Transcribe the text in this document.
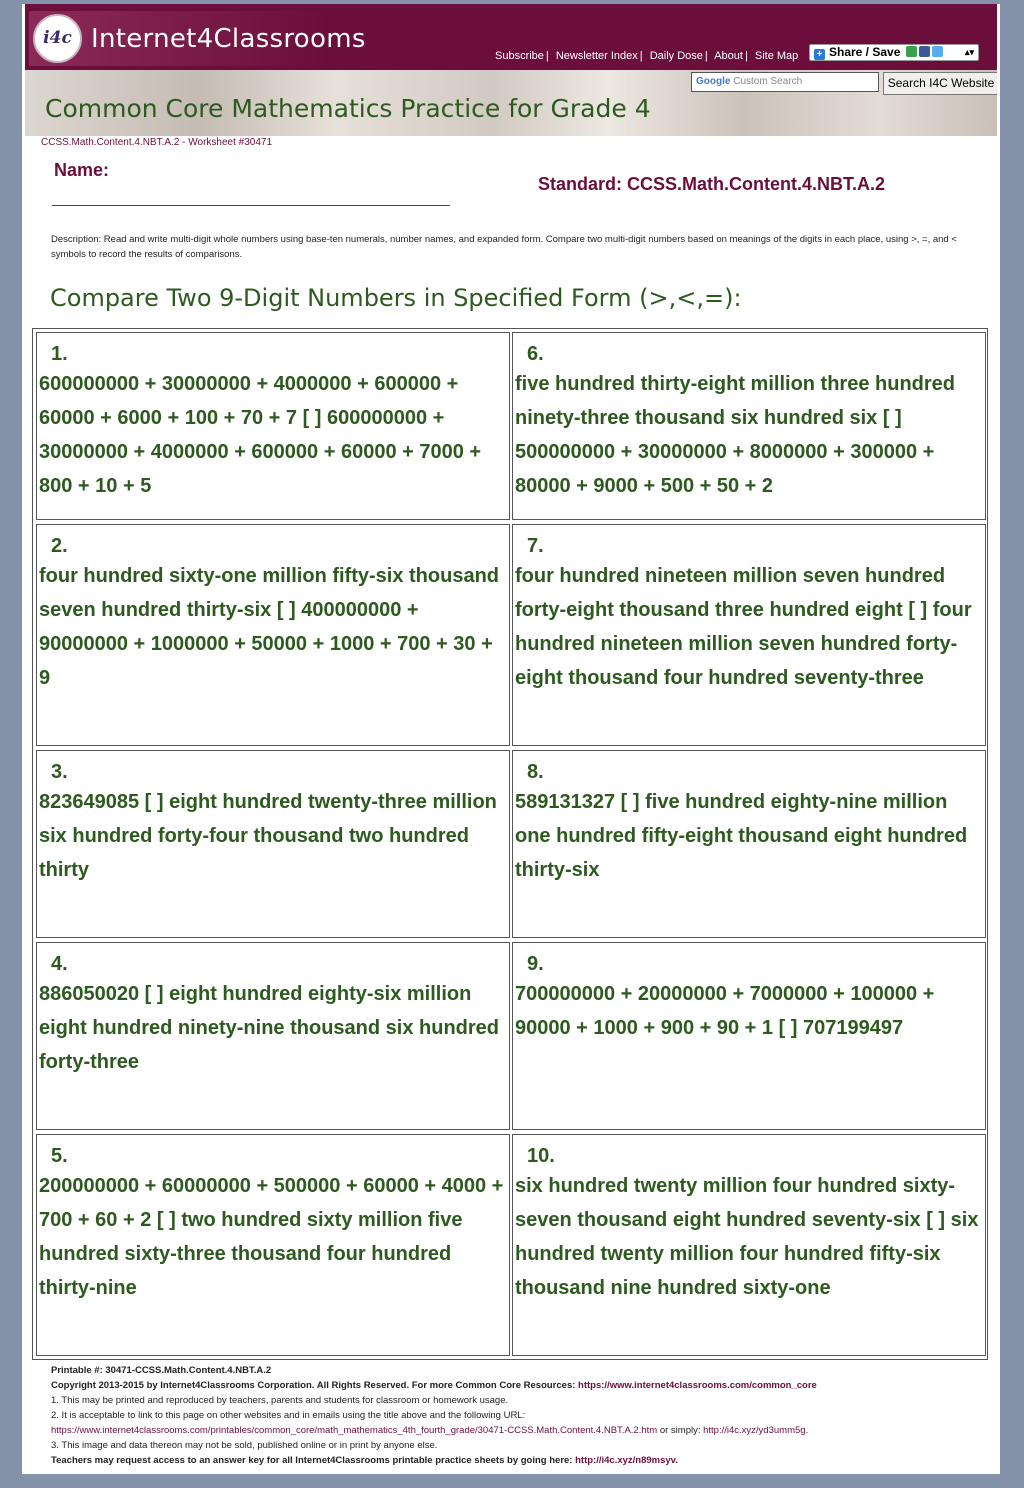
i4c Internet4Classrooms
Subscribe | Newsletter Index | Daily Dose | About | Site Map	+ Share / Save	▴▾
Google Custom Search	Search I4C Website
Common Core Mathematics Practice for Grade 4
CCSS.Math.Content.4.NBT.A.2 - Worksheet #30471
Name:
Standard: CCSS.Math.Content.4.NBT.A.2
Description: Read and write multi-digit whole numbers using base-ten numerals, number names, and expanded form. Compare two multi-digit numbers based on meanings of the digits in each place, using >, =, and < symbols to record the results of comparisons.
Compare Two 9-Digit Numbers in Specified Form (>,<,=):
1.
600000000 + 30000000 + 4000000 + 600000 + 60000 + 6000 + 100 + 70 + 7 [ ] 600000000 + 30000000 + 4000000 + 600000 + 60000 + 7000 + 800 + 10 + 5
6.
five hundred thirty-eight million three hundred ninety-three thousand six hundred six [ ] 500000000 + 30000000 + 8000000 + 300000 + 80000 + 9000 + 500 + 50 + 2
2.
four hundred sixty-one million fifty-six thousand seven hundred thirty-six [ ] 400000000 + 90000000 + 1000000 + 50000 + 1000 + 700 + 30 + 9
7.
four hundred nineteen million seven hundred forty-eight thousand three hundred eight [ ] four hundred nineteen million seven hundred forty-eight thousand four hundred seventy-three
3.
823649085 [ ] eight hundred twenty-three million six hundred forty-four thousand two hundred thirty
8.
589131327 [ ] five hundred eighty-nine million one hundred fifty-eight thousand eight hundred thirty-six
4.
886050020 [ ] eight hundred eighty-six million eight hundred ninety-nine thousand six hundred forty-three
9.
700000000 + 20000000 + 7000000 + 100000 + 90000 + 1000 + 900 + 90 + 1 [ ] 707199497
5.
200000000 + 60000000 + 500000 + 60000 + 4000 + 700 + 60 + 2 [ ] two hundred sixty million five hundred sixty-three thousand four hundred thirty-nine
10.
six hundred twenty million four hundred sixty-seven thousand eight hundred seventy-six [ ] six hundred twenty million four hundred fifty-six thousand nine hundred sixty-one
Printable #: 30471-CCSS.Math.Content.4.NBT.A.2
Copyright 2013-2015 by Internet4Classrooms Corporation. All Rights Reserved. For more Common Core Resources: https://www.internet4classrooms.com/common_core
1. This may be printed and reproduced by teachers, parents and students for classroom or homework usage.
2. It is acceptable to link to this page on other websites and in emails using the title above and the following URL:
https://www.internet4classrooms.com/printables/common_core/math_mathematics_4th_fourth_grade/30471-CCSS.Math.Content.4.NBT.A.2.htm or simply: http://i4c.xyz/yd3umm5g.
3. This image and data thereon may not be sold, published online or in print by anyone else.
Teachers may request access to an answer key for all Internet4Classrooms printable practice sheets by going here: http://i4c.xyz/n89msyv.
